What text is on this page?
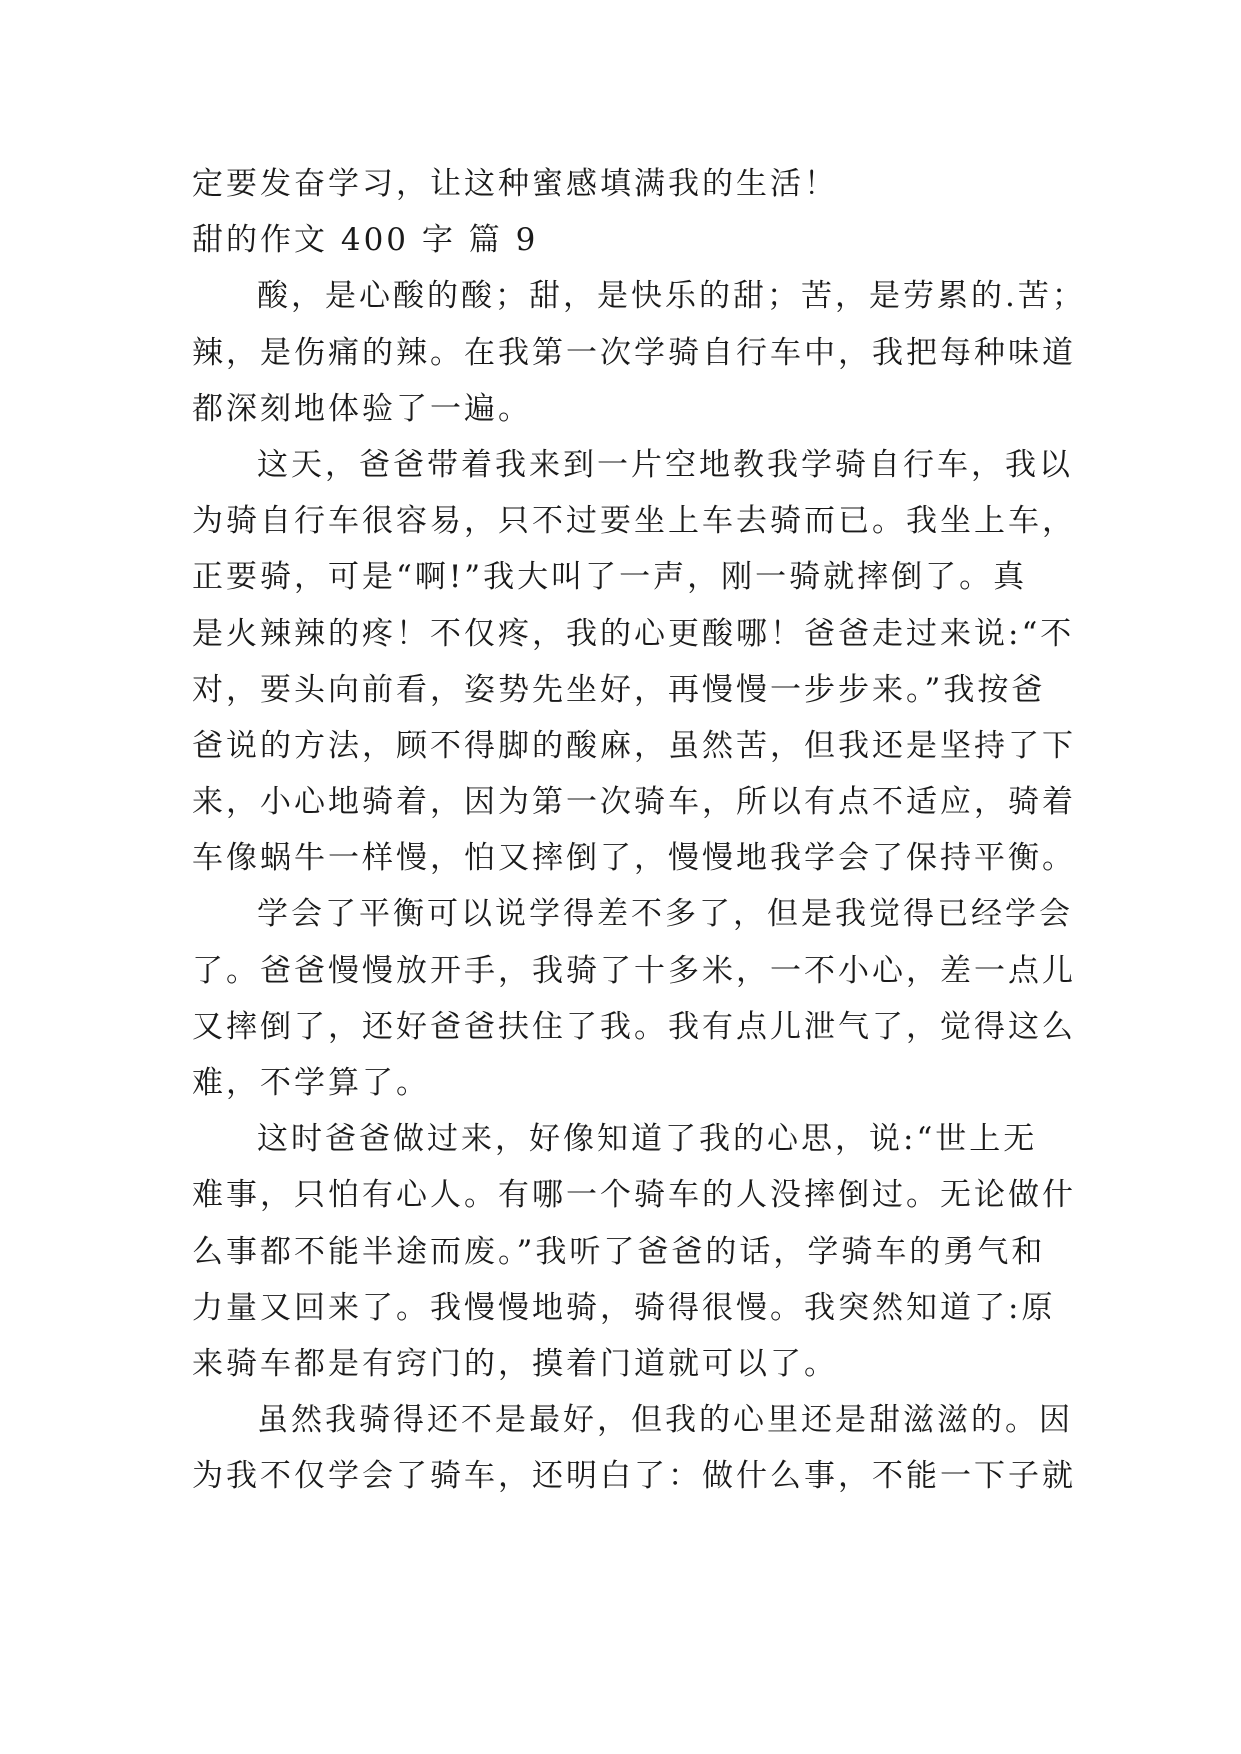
定要发奋学习，让这种蜜感填满我的生活！

甜的作文 400 字 篇 9

酸，是心酸的酸；甜，是快乐的甜；苦，是劳累的.苦；

辣，是伤痛的辣。在我第一次学骑自行车中，我把每种味道

都深刻地体验了一遍。

这天，爸爸带着我来到一片空地教我学骑自行车，我以

为骑自行车很容易，只不过要坐上车去骑而已。我坐上车，

正要骑，可是“啊!”我大叫了一声，刚一骑就摔倒了。真

是火辣辣的疼！不仅疼，我的心更酸哪！爸爸走过来说:“不

对，要头向前看，姿势先坐好，再慢慢一步步来。”我按爸

爸说的方法，顾不得脚的酸麻，虽然苦，但我还是坚持了下

来，小心地骑着，因为第一次骑车，所以有点不适应，骑着

车像蜗牛一样慢，怕又摔倒了，慢慢地我学会了保持平衡。

学会了平衡可以说学得差不多了，但是我觉得已经学会

了。爸爸慢慢放开手，我骑了十多米，一不小心，差一点儿

又摔倒了，还好爸爸扶住了我。我有点儿泄气了，觉得这么

难，不学算了。

这时爸爸做过来，好像知道了我的心思，说:“世上无

难事，只怕有心人。有哪一个骑车的人没摔倒过。无论做什

么事都不能半途而废。”我听了爸爸的话，学骑车的勇气和

力量又回来了。我慢慢地骑，骑得很慢。我突然知道了:原

来骑车都是有窍门的，摸着门道就可以了。

虽然我骑得还不是最好，但我的心里还是甜滋滋的。因

为我不仅学会了骑车，还明白了：做什么事，不能一下子就
